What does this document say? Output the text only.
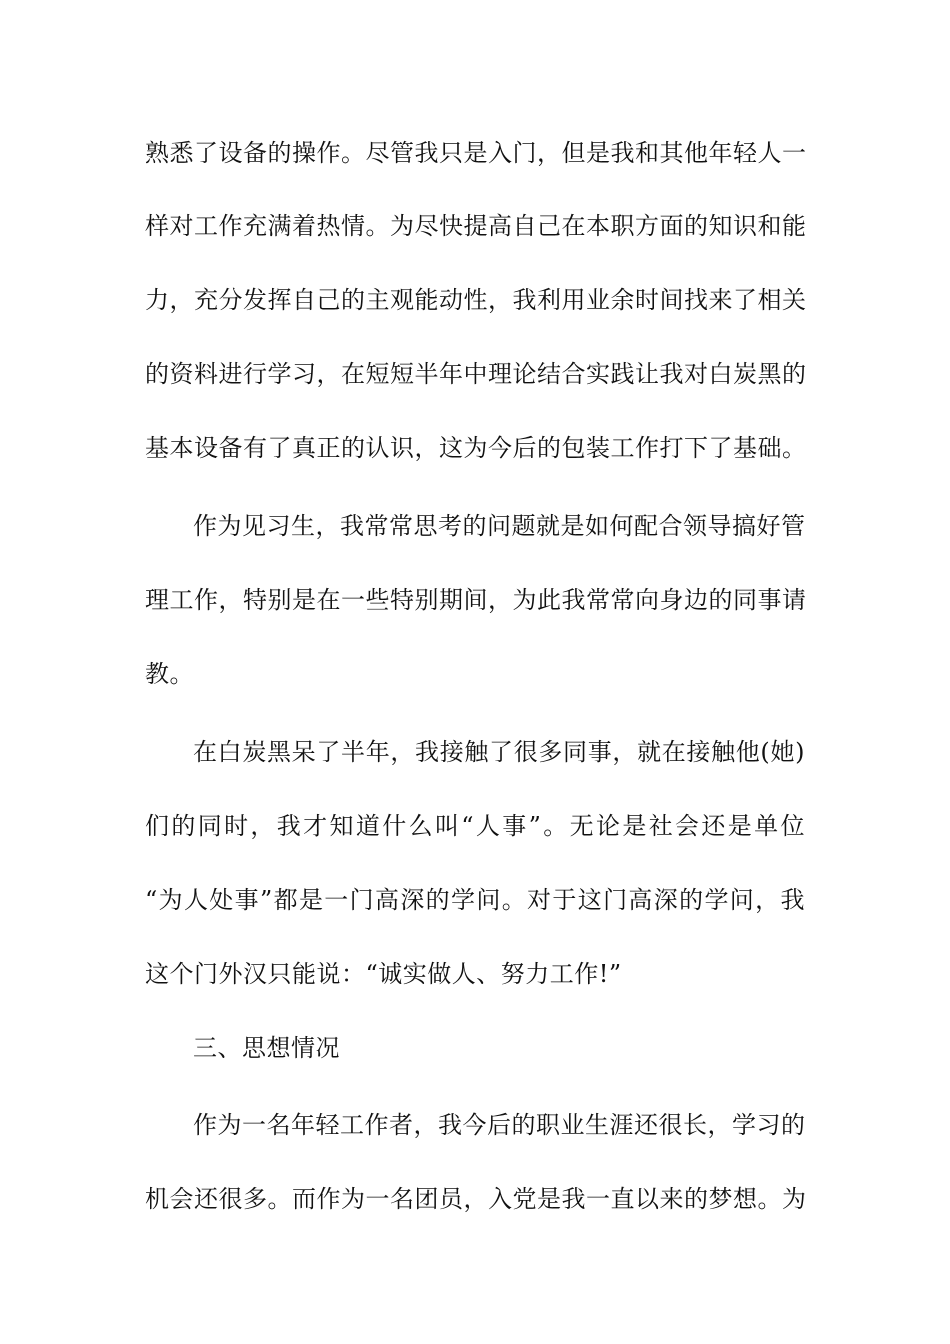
熟悉了设备的操作。尽管我只是入门，但是我和其他年轻人一
样对工作充满着热情。为尽快提高自己在本职方面的知识和能
力，充分发挥自己的主观能动性，我利用业余时间找来了相关
的资料进行学习，在短短半年中理论结合实践让我对白炭黑的
基本设备有了真正的认识，这为今后的包装工作打下了基础。
作为见习生，我常常思考的问题就是如何配合领导搞好管
理工作，特别是在一些特别期间，为此我常常向身边的同事请
教。
在白炭黑呆了半年，我接触了很多同事，就在接触他(她)
们的同时，我才知道什么叫“人事”。无论是社会还是单位
“为人处事”都是一门高深的学问。对于这门高深的学问，我
这个门外汉只能说：“诚实做人、努力工作!”
三、思想情况
作为一名年轻工作者，我今后的职业生涯还很长，学习的
机会还很多。而作为一名团员，入党是我一直以来的梦想。为
